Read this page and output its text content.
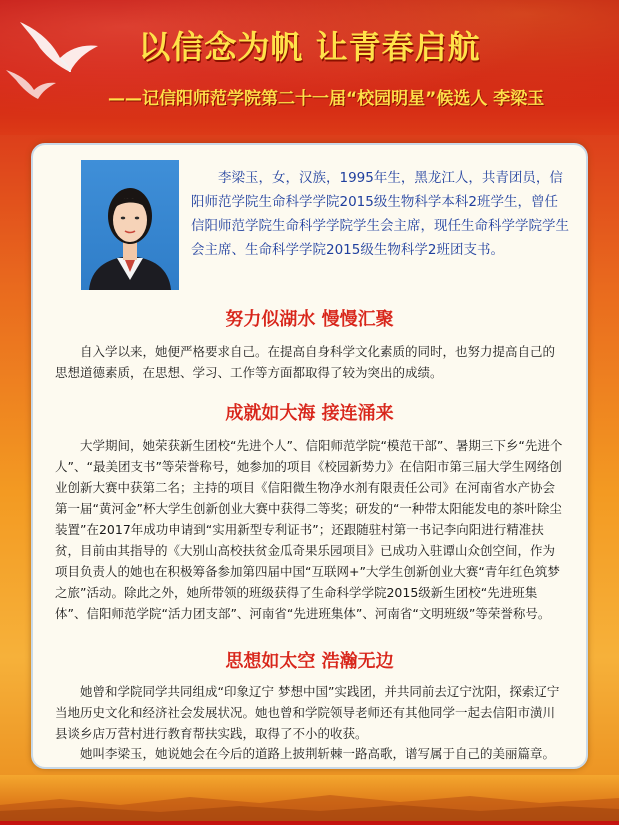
以信念为帆 让青春启航
——记信阳师范学院第二十一届“校园明星”候选人 李梁玉
李梁玉，女，汉族，1995年生，黑龙江人，共青团员，信阳师范学院生命科学学院2015级生物科学本科2班学生，曾任信阳师范学院生命科学学院学生会主席，现任生命科学学院学生会主席、生命科学学院2015级生物科学2班团支书。
努力似湖水 慢慢汇聚
自入学以来，她便严格要求自己。在提高自身科学文化素质的同时，也努力提高自己的思想道德素质，在思想、学习、工作等方面都取得了较为突出的成绩。
成就如大海 接连涌来
大学期间，她荣获新生团校“先进个人”、信阳师范学院“模范干部”、暑期三下乡“先进个人”、“最美团支书”等荣誉称号，她参加的项目《校园新势力》在信阳市第三届大学生网络创业创新大赛中获第二名；主持的项目《信阳微生物净水剂有限责任公司》在河南省水产协会第一届“黄河金”杯大学生创新创业大赛中获得二等奖；研发的“一种带太阳能发电的茶叶除尘装置”在2017年成功申请到“实用新型专利证书”；还跟随驻村第一书记李向阳进行精准扶贫，目前由其指导的《大别山高校扶贫金瓜奇果乐园项目》已成功入驻谭山众创空间，作为项目负责人的她也在积极筹备参加第四届中国“互联网+”大学生创新创业大赛“青年红色筑梦之旅”活动。除此之外，她所带领的班级获得了生命科学学院2015级新生团校“先进班集体”、信阳师范学院“活力团支部”、河南省“先进班集体”、河南省“文明班级”等荣誉称号。
思想如太空 浩瀚无边
她曾和学院同学共同组成“印象辽宁 梦想中国”实践团，并共同前去辽宁沈阳，探索辽宁当地历史文化和经济社会发展状况。她也曾和学院领导老师还有其他同学一起去信阳市潢川县谈乡店万营村进行教育帮扶实践，取得了不小的收获。
她叫李梁玉，她说她会在今后的道路上披荆斩棘一路高歌，谱写属于自己的美丽篇章。
